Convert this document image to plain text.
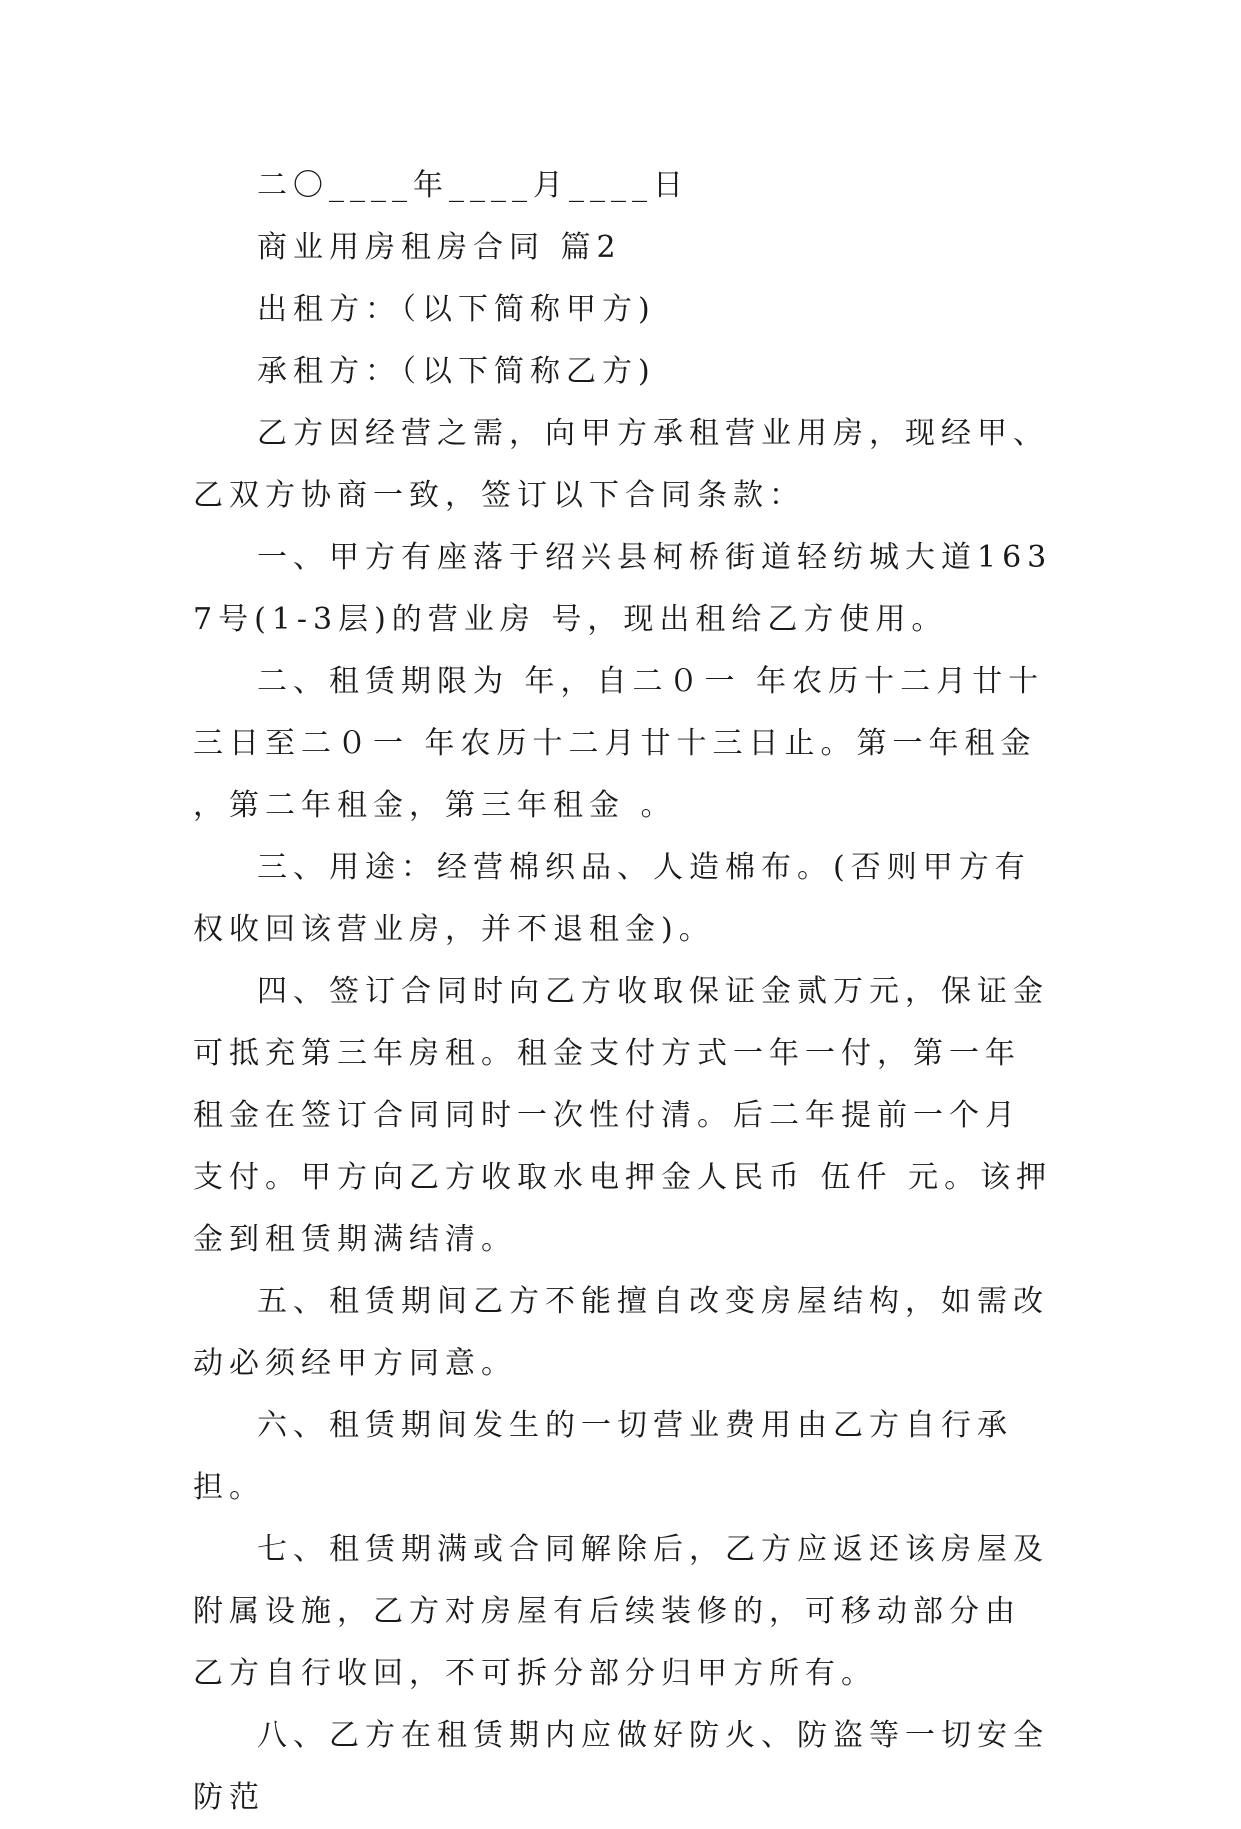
二〇____年____月____日

商业用房租房合同 篇2

出租方：（以下简称甲方)

承租方：（以下简称乙方)

乙方因经营之需，向甲方承租营业用房，现经甲、乙双方协商一致，签订以下合同条款：

一、甲方有座落于绍兴县柯桥街道轻纺城大道1637号(1-3层)的营业房 号，现出租给乙方使用。

二、租赁期限为 年，自二０一 年农历十二月廿十三日至二０一 年农历十二月廿十三日止。第一年租金 ，第二年租金，第三年租金 。

三、用途：经营棉织品、人造棉布。(否则甲方有权收回该营业房，并不退租金)。

四、签订合同时向乙方收取保证金贰万元，保证金可抵充第三年房租。租金支付方式一年一付，第一年租金在签订合同同时一次性付清。后二年提前一个月支付。甲方向乙方收取水电押金人民币 伍仟 元。该押金到租赁期满结清。

五、租赁期间乙方不能擅自改变房屋结构，如需改动必须经甲方同意。

六、租赁期间发生的一切营业费用由乙方自行承担。

七、租赁期满或合同解除后，乙方应返还该房屋及附属设施，乙方对房屋有后续装修的，可移动部分由乙方自行收回，不可拆分部分归甲方所有。

八、乙方在租赁期内应做好防火、防盗等一切安全防范
